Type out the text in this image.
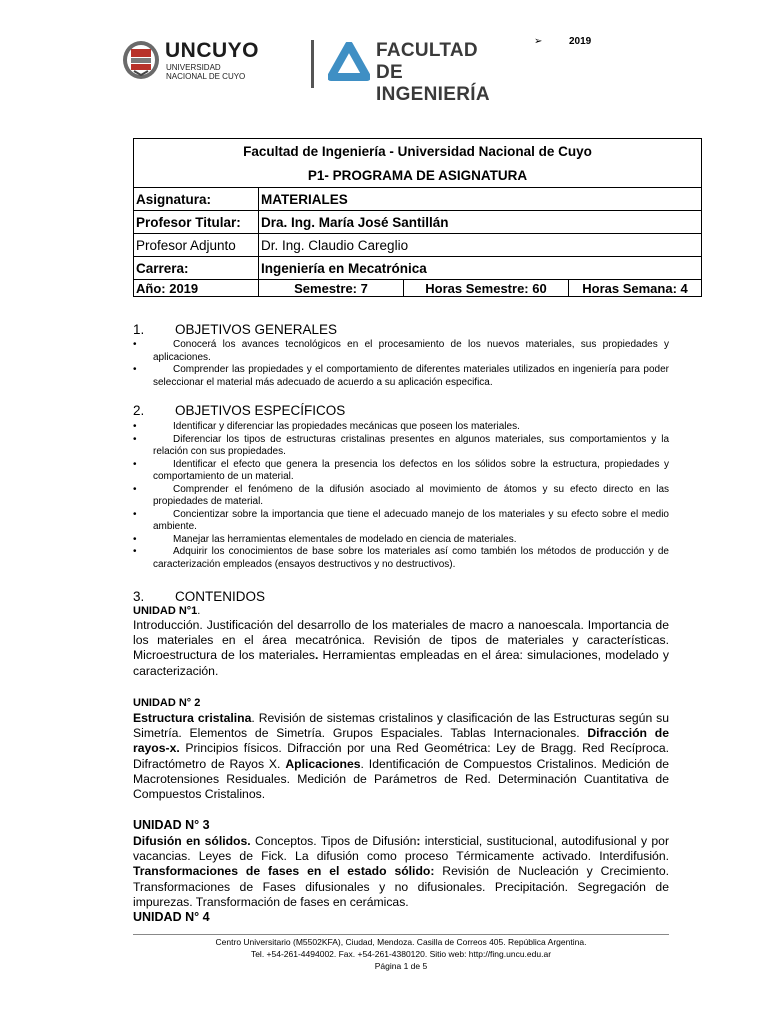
UNCUYO
UNIVERSIDAD
NACIONAL DE CUYO
FACULTAD
DE INGENIERÍA
➢	2019
Facultad de Ingeniería - Universidad Nacional de Cuyo			
P1- PROGRAMA DE ASIGNATURA			
Asignatura:	MATERIALES		
Profesor Titular:	Dra. Ing. María José Santillán		
Profesor Adjunto	Dr. Ing. Claudio Careglio		
Carrera:	Ingeniería en Mecatrónica		
Año: 2019	Semestre: 7	Horas Semestre: 60	Horas Semana: 4
1. OBJETIVOS GENERALES
•	Conocerá los avances tecnológicos en el procesamiento de los nuevos materiales, sus propiedades y aplicaciones.
•	Comprender las propiedades y el comportamiento de diferentes materiales utilizados en ingeniería para poder seleccionar el material más adecuado de acuerdo a su aplicación especifica.
2. OBJETIVOS ESPECÍFICOS
•	Identificar y diferenciar las propiedades mecánicas que poseen los materiales.
•	Diferenciar los tipos de estructuras cristalinas presentes en algunos materiales, sus comportamientos y la relación con sus propiedades.
•	Identificar el efecto que genera la presencia los defectos en los sólidos sobre la estructura, propiedades y comportamiento de un material.
•	Comprender el fenómeno de la difusión asociado al movimiento de átomos y su efecto directo en las propiedades de material.
•	Concientizar sobre la importancia que tiene el adecuado manejo de los materiales y su efecto sobre el medio ambiente.
•	Manejar las herramientas elementales de modelado en ciencia de materiales.
•	Adquirir los conocimientos de base sobre los materiales así como también los métodos de producción y de caracterización empleados (ensayos destructivos y no destructivos).
3. CONTENIDOS
UNIDAD N°1.

Introducción. Justificación del desarrollo de los materiales de macro a nanoescala. Importancia de los materiales en el área mecatrónica. Revisión de tipos de materiales y características. Microestructura de los materiales. Herramientas empleadas en el área: simulaciones, modelado y caracterización.

UNIDAD N° 2

Estructura cristalina. Revisión de sistemas cristalinos y clasificación de las Estructuras según su Simetría. Elementos de Simetría. Grupos Espaciales. Tablas Internacionales. Difracción de rayos-x. Principios físicos. Difracción por una Red Geométrica: Ley de Bragg. Red Recíproca. Difractómetro de Rayos X. Aplicaciones. Identificación de Compuestos Cristalinos. Medición de Macrotensiones Residuales. Medición de Parámetros de Red. Determinación Cuantitativa de Compuestos Cristalinos.

UNIDAD N° 3

Difusión en sólidos. Conceptos. Tipos de Difusión: intersticial, sustitucional, autodifusional y por vacancias. Leyes de Fick. La difusión como proceso Térmicamente activado. Interdifusión. Transformaciones de fases en el estado sólido: Revisión de Nucleación y Crecimiento. Transformaciones de Fases difusionales y no difusionales. Precipitación. Segregación de impurezas. Transformación de fases en cerámicas.

UNIDAD N° 4
Centro Universitario (M5502KFA), Ciudad, Mendoza. Casilla de Correos 405. República Argentina.
Tel. +54-261-4494002. Fax. +54-261-4380120. Sitio web: http://fing.uncu.edu.ar
Página 1 de 5
